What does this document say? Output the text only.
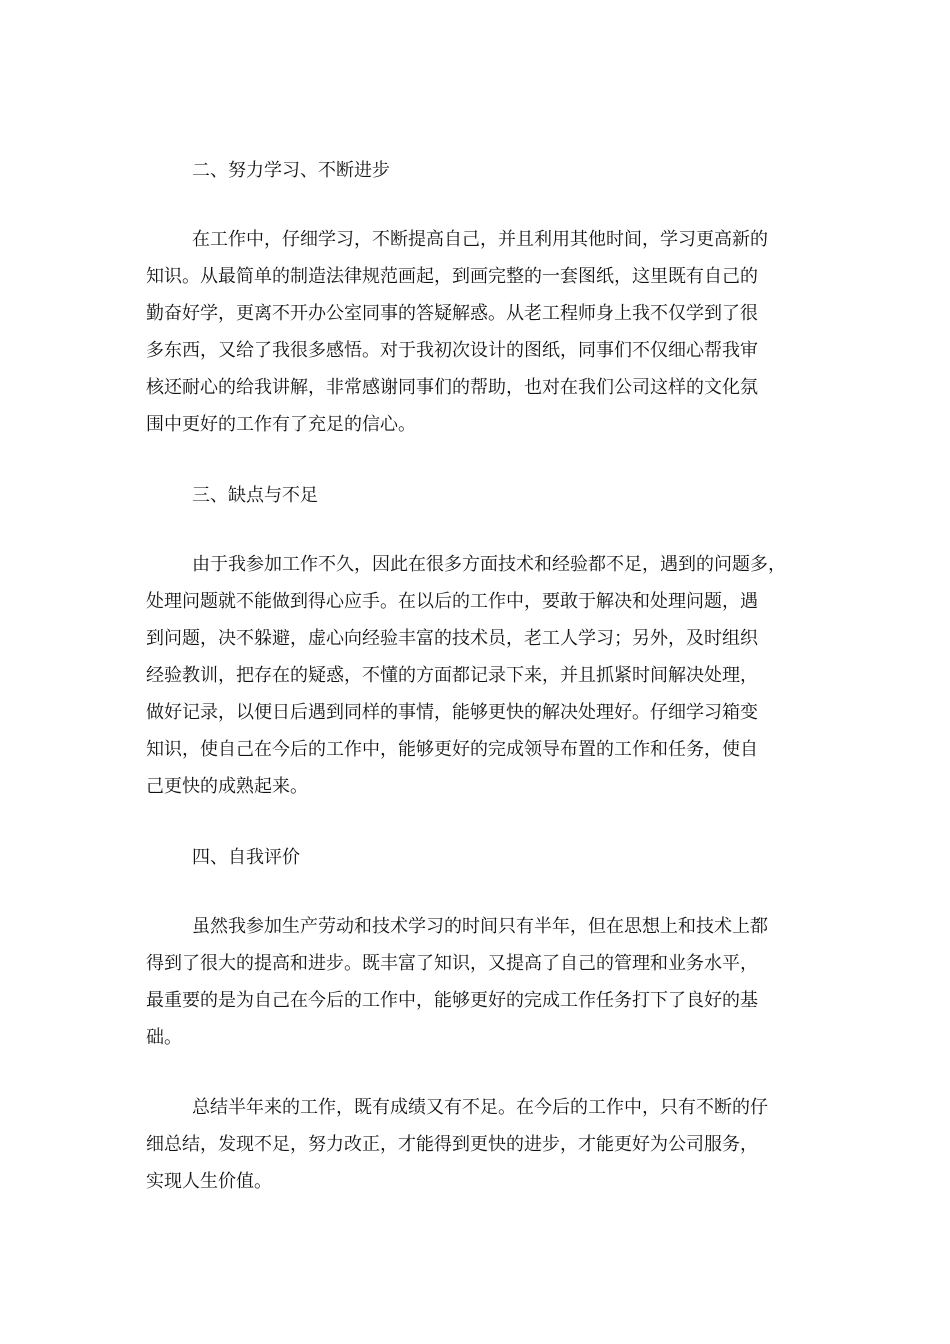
二、努力学习、不断进步
在工作中，仔细学习，不断提高自己，并且利用其他时间，学习更高新的
知识。从最简单的制造法律规范画起，到画完整的一套图纸，这里既有自己的
勤奋好学，更离不开办公室同事的答疑解惑。从老工程师身上我不仅学到了很
多东西，又给了我很多感悟。对于我初次设计的图纸，同事们不仅细心帮我审
核还耐心的给我讲解，非常感谢同事们的帮助，也对在我们公司这样的文化氛
围中更好的工作有了充足的信心。
三、缺点与不足
由于我参加工作不久，因此在很多方面技术和经验都不足，遇到的问题多，
处理问题就不能做到得心应手。在以后的工作中，要敢于解决和处理问题，遇
到问题，决不躲避，虚心向经验丰富的技术员，老工人学习；另外，及时组织
经验教训，把存在的疑惑，不懂的方面都记录下来，并且抓紧时间解决处理，
做好记录，以便日后遇到同样的事情，能够更快的解决处理好。仔细学习箱变
知识，使自己在今后的工作中，能够更好的完成领导布置的工作和任务，使自
己更快的成熟起来。
四、自我评价
虽然我参加生产劳动和技术学习的时间只有半年，但在思想上和技术上都
得到了很大的提高和进步。既丰富了知识，又提高了自己的管理和业务水平，
最重要的是为自己在今后的工作中，能够更好的完成工作任务打下了良好的基
础。
总结半年来的工作，既有成绩又有不足。在今后的工作中，只有不断的仔
细总结，发现不足，努力改正，才能得到更快的进步，才能更好为公司服务，
实现人生价值。
